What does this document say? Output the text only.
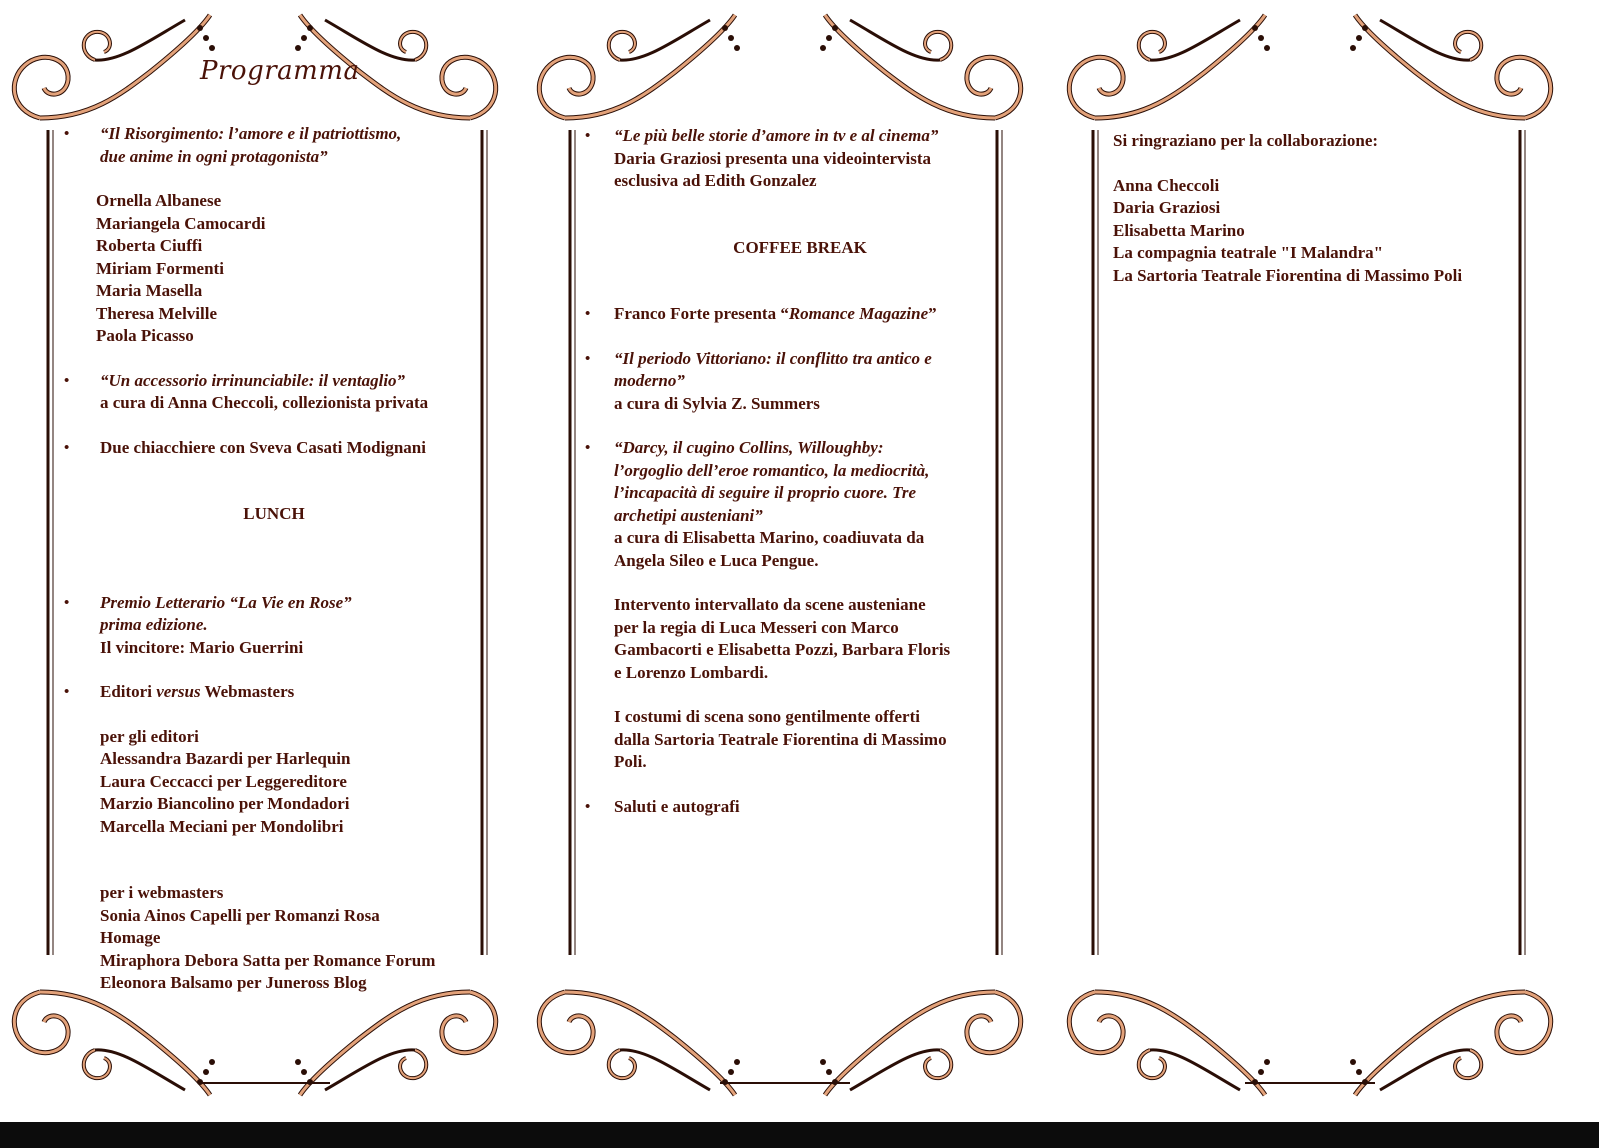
Programma

• “Il Risorgimento: l’amore e il patriottismo,

due anime in ogni protagonista”

Ornella Albanese

Mariangela Camocardi

Roberta Ciuffi

Miriam Formenti

Maria Masella

Theresa Melville

Paola Picasso

• “Un accessorio irrinunciabile: il ventaglio”

a cura di Anna Checcoli, collezionista privata

• Due chiacchiere con Sveva Casati Modignani

LUNCH

• Premio Letterario “La Vie en Rose”

prima edizione.

Il vincitore: Mario Guerrini

• Editori versus Webmasters

per gli editori

Alessandra Bazardi per Harlequin

Laura Ceccacci per Leggereditore

Marzio Biancolino per Mondadori

Marcella Meciani per Mondolibri

per i webmasters

Sonia Ainos Capelli per Romanzi Rosa

Homage

Miraphora Debora Satta per Romance Forum

Eleonora Balsamo per Juneross Blog

• “Le più belle storie d’amore in tv e al cinema”

Daria Graziosi presenta una videointervista

esclusiva ad Edith Gonzalez

COFFEE BREAK

• Franco Forte presenta “Romance Magazine”

• “Il periodo Vittoriano: il conflitto tra antico e

moderno”

a cura di Sylvia Z. Summers

• “Darcy, il cugino Collins, Willoughby:

l’orgoglio dell’eroe romantico, la mediocrità,

l’incapacità di seguire il proprio cuore. Tre

archetipi austeniani”

a cura di Elisabetta Marino, coadiuvata da

Angela Sileo e Luca Pengue.

Intervento intervallato da scene austeniane

per la regia di Luca Messeri con Marco

Gambacorti e Elisabetta Pozzi, Barbara Floris

e Lorenzo Lombardi.

I costumi di scena sono gentilmente offerti

dalla Sartoria Teatrale Fiorentina di Massimo

Poli.

• Saluti e autografi

Si ringraziano per la collaborazione:

Anna Checcoli

Daria Graziosi

Elisabetta Marino

La compagnia teatrale "I Malandra"

La Sartoria Teatrale Fiorentina di Massimo Poli
